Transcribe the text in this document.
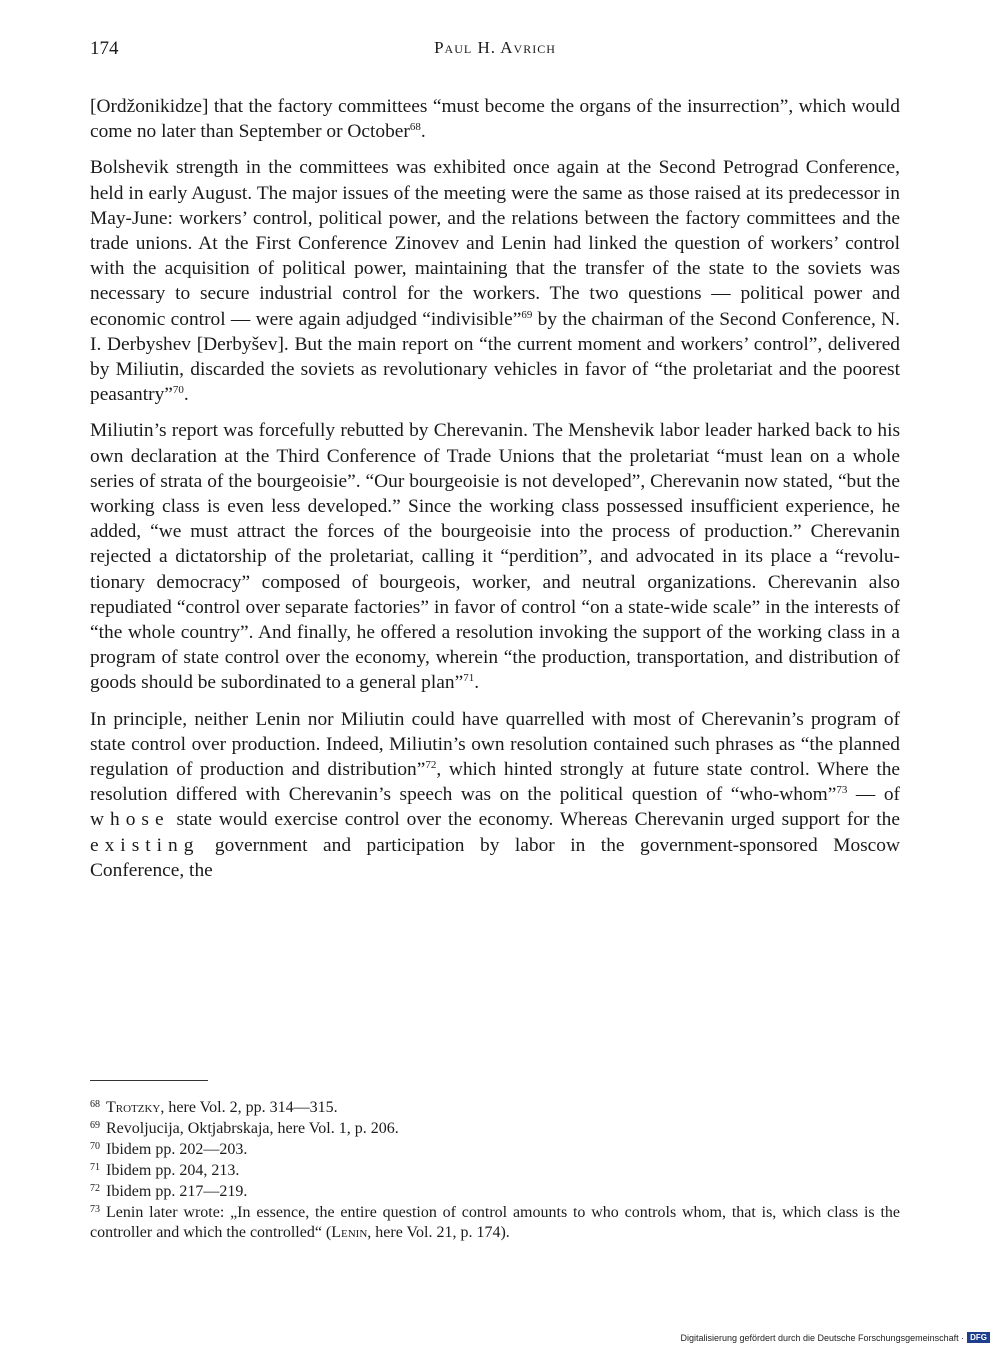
174	Paul H. Avrich

[Ordžonikidze] that the factory committees “must become the organs of the insurrection”, which would come no later than September or October$^{68}$.

Bolshevik strength in the committees was exhibited once again at the Second Petrograd Conference, held in early August. The major issues of the meeting were the same as those raised at its predecessor in May-June: workers’ control, political power, and the relations between the factory committees and the trade unions. At the First Conference Zinovev and Lenin had linked the question of workers’ control with the acquisition of political power, maintaining that the transfer of the state to the soviets was necessary to secure industrial control for the workers. The two questions — political power and economic control — were again adjudged “indivisible”$^{69}$ by the chairman of the Second Conference, N. I. Derbyshev [Derbyšev]. But the main report on “the current moment and workers’ control”, delivered by Miliutin, discarded the soviets as revolutionary vehicles in favor of “the proletariat and the poorest peasantry”$^{70}$.

Miliutin’s report was forcefully rebutted by Cherevanin. The Menshevik labor leader harked back to his own declaration at the Third Conference of Trade Unions that the proletariat “must lean on a whole series of strata of the bourgeoisie”. “Our bourgeoisie is not developed”, Cherevanin now stated, “but the working class is even less developed.” Since the working class possessed insufficient experience, he added, “we must attract the forces of the bourgeoisie into the process of production.” Cherevanin rejected a dictatorship of the proletariat, calling it “perdition”, and advocated in its place a “revolutionary democracy” composed of bourgeois, worker, and neutral organizations. Cherevanin also repudiated “control over separate factories” in favor of control “on a state-wide scale” in the interests of “the whole country”. And finally, he offered a resolution invoking the support of the working class in a program of state control over the economy, wherein “the production, transportation, and distribution of goods should be subordinated to a general plan”$^{71}$.

In principle, neither Lenin nor Miliutin could have quarrelled with most of Cherevanin’s program of state control over production. Indeed, Miliutin’s own resolution contained such phrases as “the planned regulation of production and distribution”$^{72}$, which hinted strongly at future state control. Where the resolution differed with Cherevanin’s speech was on the political question of “who-whom”$^{73}$ — of whose state would exercise control over the economy. Whereas Cherevanin urged support for the existing government and participation by labor in the government-sponsored Moscow Conference, the

$^{68}$ Trotzky, here Vol. 2, pp. 314—315.
$^{69}$ Revoljucija, Oktjabrskaja, here Vol. 1, p. 206.
$^{70}$ Ibidem pp. 202—203.
$^{71}$ Ibidem pp. 204, 213.
$^{72}$ Ibidem pp. 217—219.
$^{73}$ Lenin later wrote: „In essence, the entire question of control amounts to who controls whom, that is, which class is the controller and which the controlled“ (Lenin, here Vol. 21, p. 174).
Digitalisierung gefördert durch die Deutsche Forschungsgemeinschaft · DFG
